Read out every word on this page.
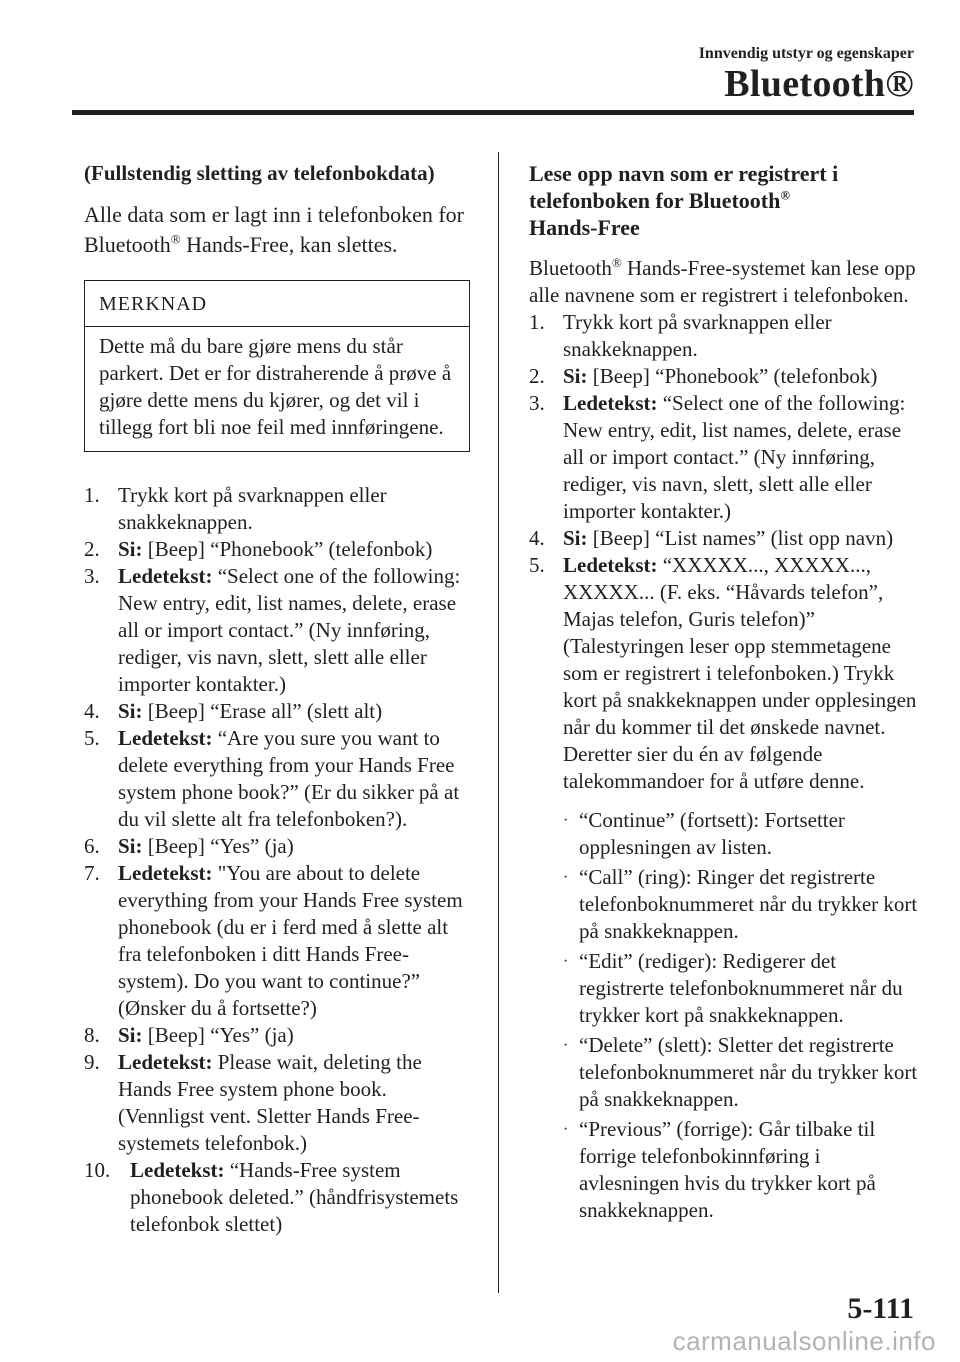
Innvendig utstyr og egenskaper
Bluetooth®

(Fullstendig sletting av telefonbokdata)

Alle data som er lagt inn i telefonboken for Bluetooth® Hands-Free, kan slettes.

MERKNAD
Dette må du bare gjøre mens du står parkert. Det er for distraherende å prøve å gjøre dette mens du kjører, og det vil i tillegg fort bli noe feil med innføringene.
1. Trykk kort på svarknappen eller snakkeknappen.
2. Si: [Beep] “Phonebook” (telefonbok)
3. Ledetekst: “Select one of the following: New entry, edit, list names, delete, erase all or import contact.” (Ny innføring, rediger, vis navn, slett, slett alle eller importer kontakter.)
4. Si: [Beep] “Erase all” (slett alt)
5. Ledetekst: “Are you sure you want to delete everything from your Hands Free system phone book?” (Er du sikker på at du vil slette alt fra telefonboken?).
6. Si: [Beep] “Yes” (ja)
7. Ledetekst: "You are about to delete everything from your Hands Free system phonebook (du er i ferd med å slette alt fra telefonboken i ditt Hands Free-system). Do you want to continue?” (Ønsker du å fortsette?)
8. Si: [Beep] “Yes” (ja)
9. Ledetekst: Please wait, deleting the Hands Free system phone book. (Vennligst vent. Sletter Hands Free-systemets telefonbok.)
10. Ledetekst: “Hands-Free system phonebook deleted.” (håndfrisystemets telefonbok slettet)

Lese opp navn som er registrert i telefonboken for Bluetooth®
Hands-Free

Bluetooth® Hands-Free-systemet kan lese opp alle navnene som er registrert i telefonboken.

1. Trykk kort på svarknappen eller snakkeknappen.
2. Si: [Beep] “Phonebook” (telefonbok)
3. Ledetekst: “Select one of the following: New entry, edit, list names, delete, erase all or import contact.” (Ny innføring, rediger, vis navn, slett, slett alle eller importer kontakter.)
4. Si: [Beep] “List names” (list opp navn)
5. Ledetekst: “XXXXX..., XXXXX..., XXXXX... (F. eks. “Håvards telefon”, Majas telefon, Guris telefon)” (Talestyringen leser opp stemmetagene som er registrert i telefonboken.) Trykk kort på snakkeknappen under opplesingen når du kommer til det ønskede navnet. Deretter sier du én av følgende talekommandoer for å utføre denne.
· “Continue” (fortsett): Fortsetter opplesningen av listen.
· “Call” (ring): Ringer det registrerte telefonboknummeret når du trykker kort på snakkeknappen.
· “Edit” (rediger): Redigerer det registrerte telefonboknummeret når du trykker kort på snakkeknappen.
· “Delete” (slett): Sletter det registrerte telefonboknummeret når du trykker kort på snakkeknappen.
· “Previous” (forrige): Går tilbake til forrige telefonbokinnføring i avlesningen hvis du trykker kort på snakkeknappen.
5-111
carmanualsonline.info
